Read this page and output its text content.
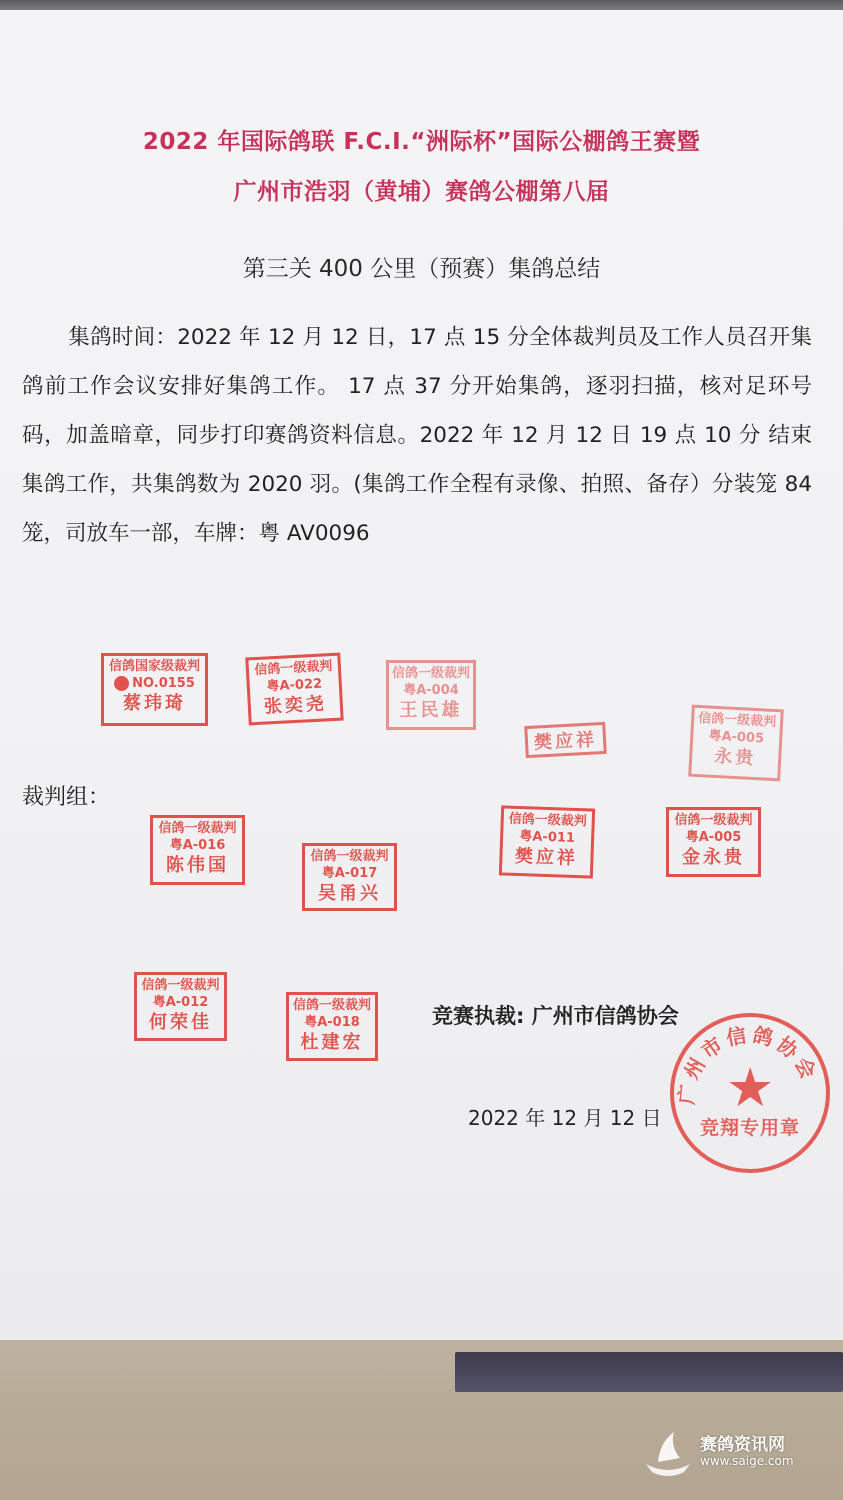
2022 年国际鸽联 F.C.I.“洲际杯”国际公棚鸽王赛暨
广州市浩羽（黄埔）赛鸽公棚第八届
第三关 400 公里（预赛）集鸽总结
集鸽时间：2022 年 12 月 12 日，17 点 15 分全体裁判员及工作人员召开集鸽前工作会议安排好集鸽工作。 17 点 37 分开始集鸽，逐羽扫描，核对足环号码，加盖暗章，同步打印赛鸽资料信息。2022 年 12 月 12 日 19 点 10 分 结束集鸽工作，共集鸽数为 2020 羽。(集鸽工作全程有录像、拍照、备存）分装笼 84 笼，司放车一部，车牌：粤 AV0096
裁判组：
信鸽国家级裁判
NO.0155
蔡玮琦
信鸽一级裁判
粤A-022
张奕尧
信鸽一级裁判
粤A-004
王民雄
樊应祥
信鸽一级裁判
粤A-005
永贵
信鸽一级裁判
粤A-016
陈伟国	信鸽一级裁判
粤A-017
吴甬兴
信鸽一级裁判
粤A-011
樊应祥
信鸽一级裁判
粤A-005
金永贵
信鸽一级裁判
粤A-012
何荣佳
信鸽一级裁判
粤A-018
杜建宏
竞赛执裁: 广州市信鸽协会
2022 年 12 月 12 日
广州市信鸽协会
★
竞翔专用章
赛鸽资讯网
www.saige.com
